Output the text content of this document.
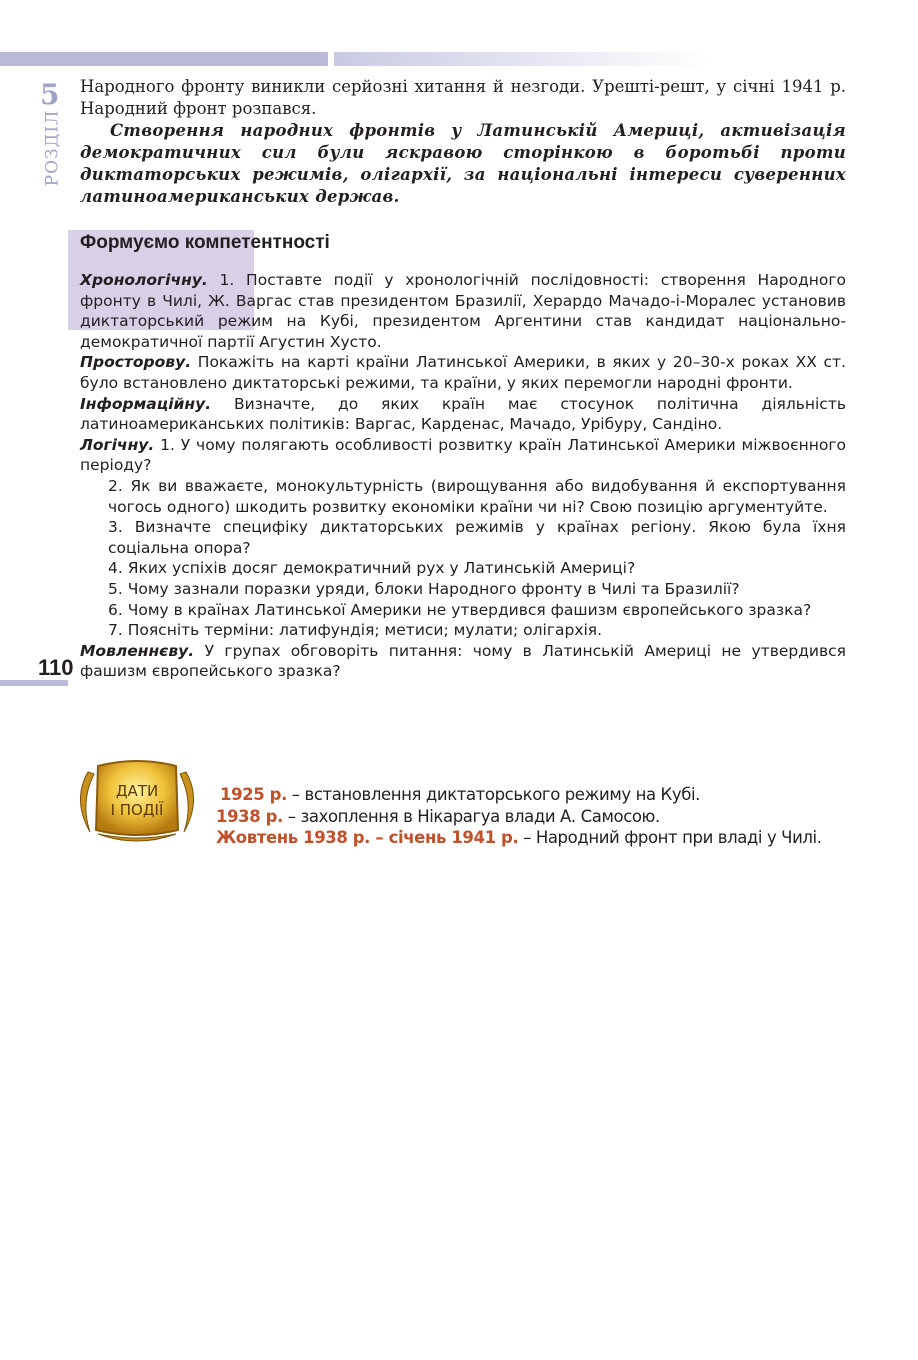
5
РОЗДІЛ
110

Народного фронту виникли серйозні хитання й незгоди. Урешті-решт, у січні 1941 р. Народний фронт розпався.

Створення народних фронтів у Латинській Америці, активізація демократичних сил були яскравою сторінкою в боротьбі проти диктаторських режимів, олігархії, за національні інтереси суверенних латиноамериканських держав.

Формуємо компетентності

Хронологічну. 1. Поставте події у хронологічній послідовності: створення Народного фронту в Чилі, Ж. Варгас став президентом Бразилії, Херардо Мачадо-і-Моралес установив диктаторський режим на Кубі, президентом Аргентини став кандидат національно-демократичної партії Агустин Хусто.

Просторову. Покажіть на карті країни Латинської Америки, в яких у 20–30-х роках XX ст. було встановлено диктаторські режими, та країни, у яких перемогли народні фронти.

Інформаційну. Визначте, до яких країн має стосунок політична діяльність латиноамериканських політиків: Варгас, Карденас, Мачадо, Урібуру, Сандіно.

Логічну. 1. У чому полягають особливості розвитку країн Латинської Америки міжвоєнного періоду?
2. Як ви вважаєте, монокультурність (вирощування або видобування й експортування чогось одного) шкодить розвитку економіки країни чи ні? Свою позицію аргументуйте.
3. Визначте специфіку диктаторських режимів у країнах регіону. Якою була їхня соціальна опора?
4. Яких успіхів досяг демократичний рух у Латинській Америці?
5. Чому зазнали поразки уряди, блоки Народного фронту в Чилі та Бразилії?
6. Чому в країнах Латинської Америки не утвердився фашизм європейського зразка?
7. Поясніть терміни: латифундія; метиси; мулати; олігархія.

Мовленнєву. У групах обговоріть питання: чому в Латинській Америці не утвердився фашизм європейського зразка?

ДАТИ
І ПОДІЇ
1925 р. – встановлення диктаторського режиму на Кубі.
1938 р. – захоплення в Нікарагуа влади А. Самосою.
Жовтень 1938 р. – січень 1941 р. – Народний фронт при владі у Чилі.
